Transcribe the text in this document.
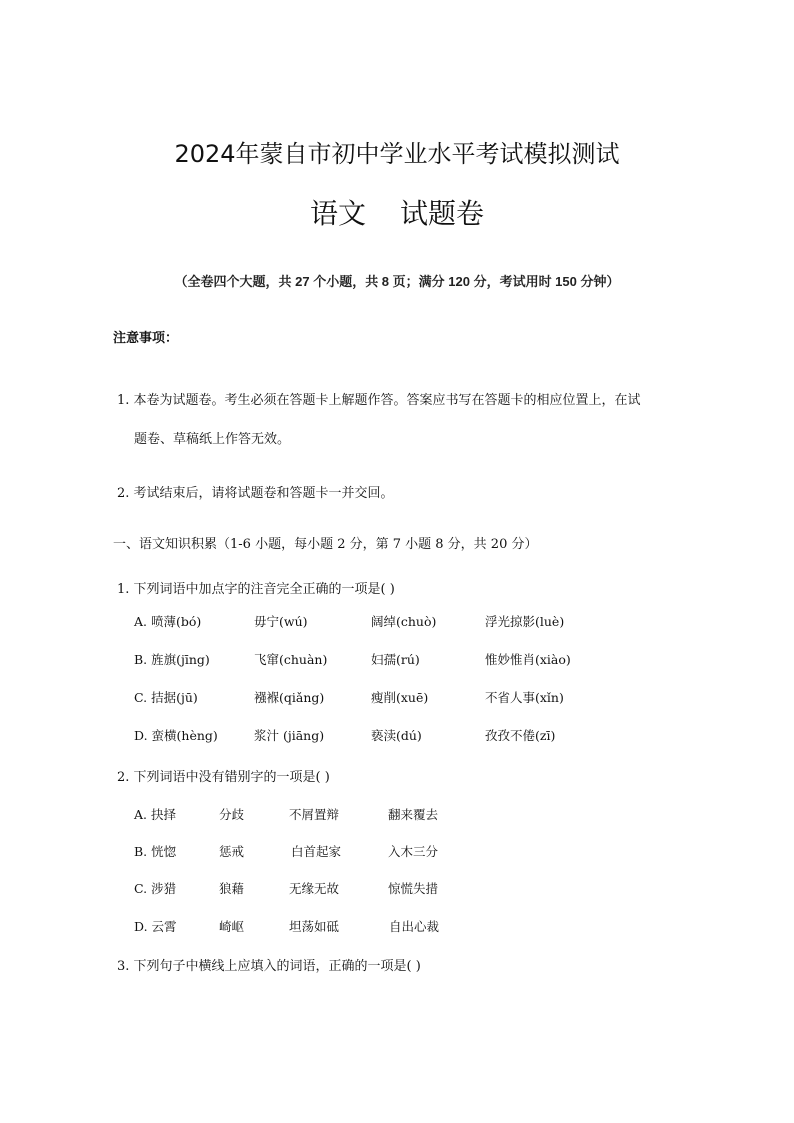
2024年蒙自市初中学业水平考试模拟测试
语文 试题卷
（全卷四个大题，共 27 个小题，共 8 页；满分 120 分，考试用时 150 分钟）
注意事项：
1. 本卷为试题卷。考生必须在答题卡上解题作答。答案应书写在答题卡的相应位置上，在试
题卷、草稿纸上作答无效。
2. 考试结束后，请将试题卷和答题卡一并交回。
一、语文知识积累（1-6 小题，每小题 2 分，第 7 小题 8 分，共 20 分）
1. 下列词语中加点字的注音完全正确的一项是( )
A. 喷薄(bó)	毋宁(wú)	阔绰(chuò)	浮光掠影(luè)
B. 旌旗(jīng)	飞窜(chuàn)	妇孺(rú)	惟妙惟肖(xiào)
C. 拮据(jū)	襁褓(qiǎng)	瘦削(xuē)	不省人事(xǐn)
D. 蛮横(hèng)	浆汁 (jiāng)	亵渎(dú)	孜孜不倦(zī)
2. 下列词语中没有错别字的一项是( )
A. 抉择	分歧	不屑置辩	翻来覆去
B. 恍惚	惩戒	白首起家	入木三分
C. 涉猎	狼藉	无缘无故	惊慌失措
D. 云霄	崎岖	坦荡如砥	自出心裁
3. 下列句子中横线上应填入的词语，正确的一项是( )
